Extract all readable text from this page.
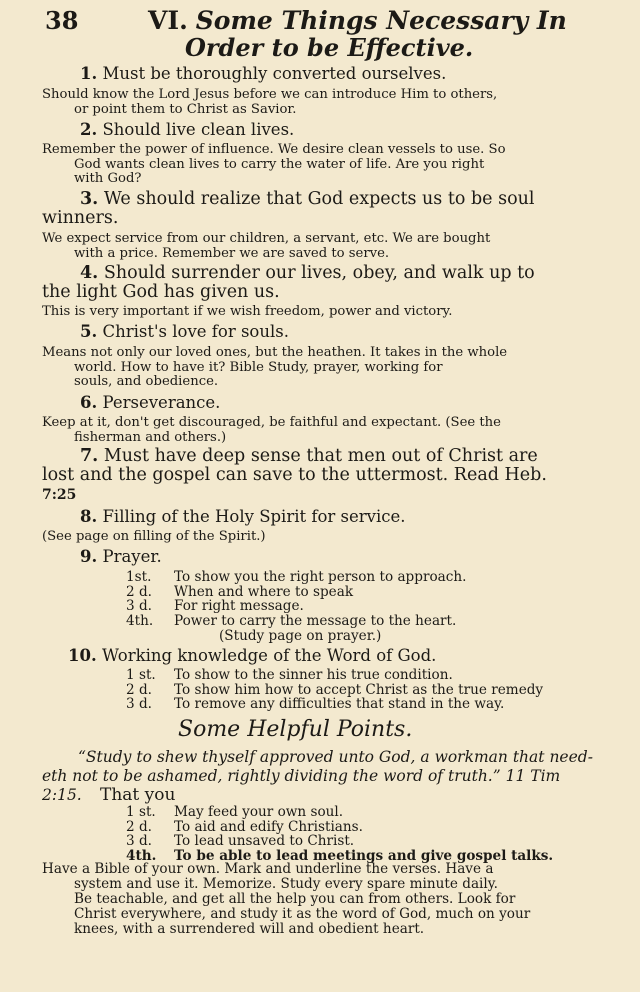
38	VI. Some Things Necessary In
Order to be Effective.
1. Must be thoroughly converted ourselves.
Should know the Lord Jesus before we can introduce Him to others,
or point them to Christ as Savior.
2. Should live clean lives.
Remember the power of influence. We desire clean vessels to use. So
God wants clean lives to carry the water of life. Are you right
with God?
3. We should realize that God expects us to be soul
winners.
We expect service from our children, a servant, etc. We are bought
with a price. Remember we are saved to serve.
4. Should surrender our lives, obey, and walk up to
the light God has given us.
This is very important if we wish freedom, power and victory.
5. Christ's love for souls.
Means not only our loved ones, but the heathen. It takes in the whole
world. How to have it? Bible Study, prayer, working for
souls, and obedience.
6. Perseverance.
Keep at it, don't get discouraged, be faithful and expectant. (See the
fisherman and others.)
7. Must have deep sense that men out of Christ are
lost and the gospel can save to the uttermost. Read Heb.
7:25
8. Filling of the Holy Spirit for service.
(See page on filling of the Spirit.)
9. Prayer.
1st. To show you the right person to approach.
2 d. When and where to speak
3 d. For right message.
4th. Power to carry the message to the heart.
(Study page on prayer.)
10. Working knowledge of the Word of God.
1 st. To show to the sinner his true condition.
2 d. To show him how to accept Christ as the true remedy
3 d. To remove any difficulties that stand in the way.
Some Helpful Points.
“Study to shew thyself approved unto God, a workman that need-
eth not to be ashamed, rightly dividing the word of truth.” 11 Tim
2:15.	That you
1 st. May feed your own soul.
2 d. To aid and edify Christians.
3 d. To lead unsaved to Christ.
4th. To be able to lead meetings and give gospel talks.
Have a Bible of your own. Mark and underline the verses. Have a
system and use it. Memorize. Study every spare minute daily.
Be teachable, and get all the help you can from others. Look for
Christ everywhere, and study it as the word of God, much on your
knees, with a surrendered will and obedient heart.
